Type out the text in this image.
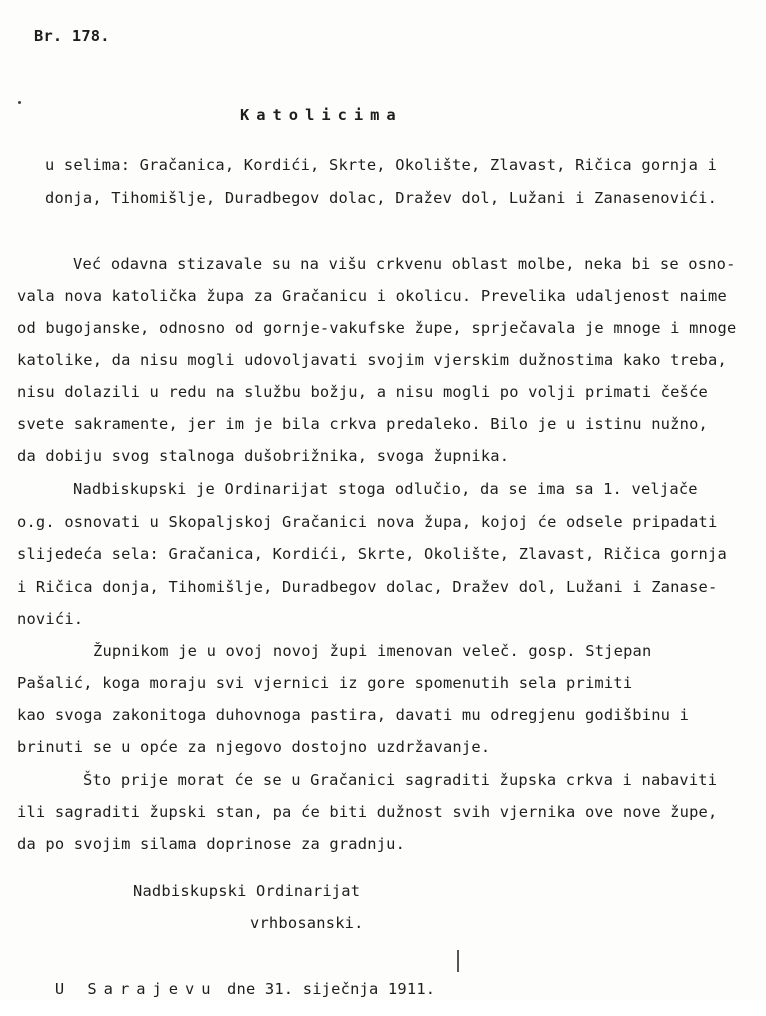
Br. 178.
Katolicima
u selima: Gračanica, Kordići, Skrte, Okolište, Zlavast, Ričica gornja i
donja, Tihomišlje, Duradbegov dolac, Dražev dol, Lužani i Zanasenovići.
Već odavna stizavale su na višu crkvenu oblast molbe, neka bi se osno-
vala nova katolička župa za Gračanicu i okolicu. Prevelika udaljenost naime
od bugojanske, odnosno od gornje-vakufske župe, sprječavala je mnoge i mnoge
katolike, da nisu mogli udovoljavati svojim vjerskim dužnostima kako treba,
nisu dolazili u redu na službu božju, a nisu mogli po volji primati češće
svete sakramente, jer im je bila crkva predaleko. Bilo je u istinu nužno,
da dobiju svog stalnoga dušobrižnika, svoga župnika.
Nadbiskupski je Ordinarijat stoga odlučio, da se ima sa 1. veljače
o.g. osnovati u Skopaljskoj Gračanici nova župa, kojoj će odsele pripadati
slijedeća sela: Gračanica, Kordići, Skrte, Okolište, Zlavast, Ričica gornja
i Ričica donja, Tihomišlje, Duradbegov dolac, Dražev dol, Lužani i Zanase-
novići.
Župnikom je u ovoj novoj župi imenovan veleč. gosp. Stjepan
Pašalić, koga moraju svi vjernici iz gore spomenutih sela primiti
kao svoga zakonitoga duhovnoga pastira, davati mu odregjenu godišbinu i
brinuti se u opće za njegovo dostojno uzdržavanje.
Što prije morat će se u Gračanici sagraditi župska crkva i nabaviti
ili sagraditi župski stan, pa će biti dužnost svih vjernika ove nove župe,
da po svojim silama doprinose za gradnju.
Nadbiskupski Ordinarijat
vrhbosanski.

U Sarajevu dne 31. siječnja 1911.
